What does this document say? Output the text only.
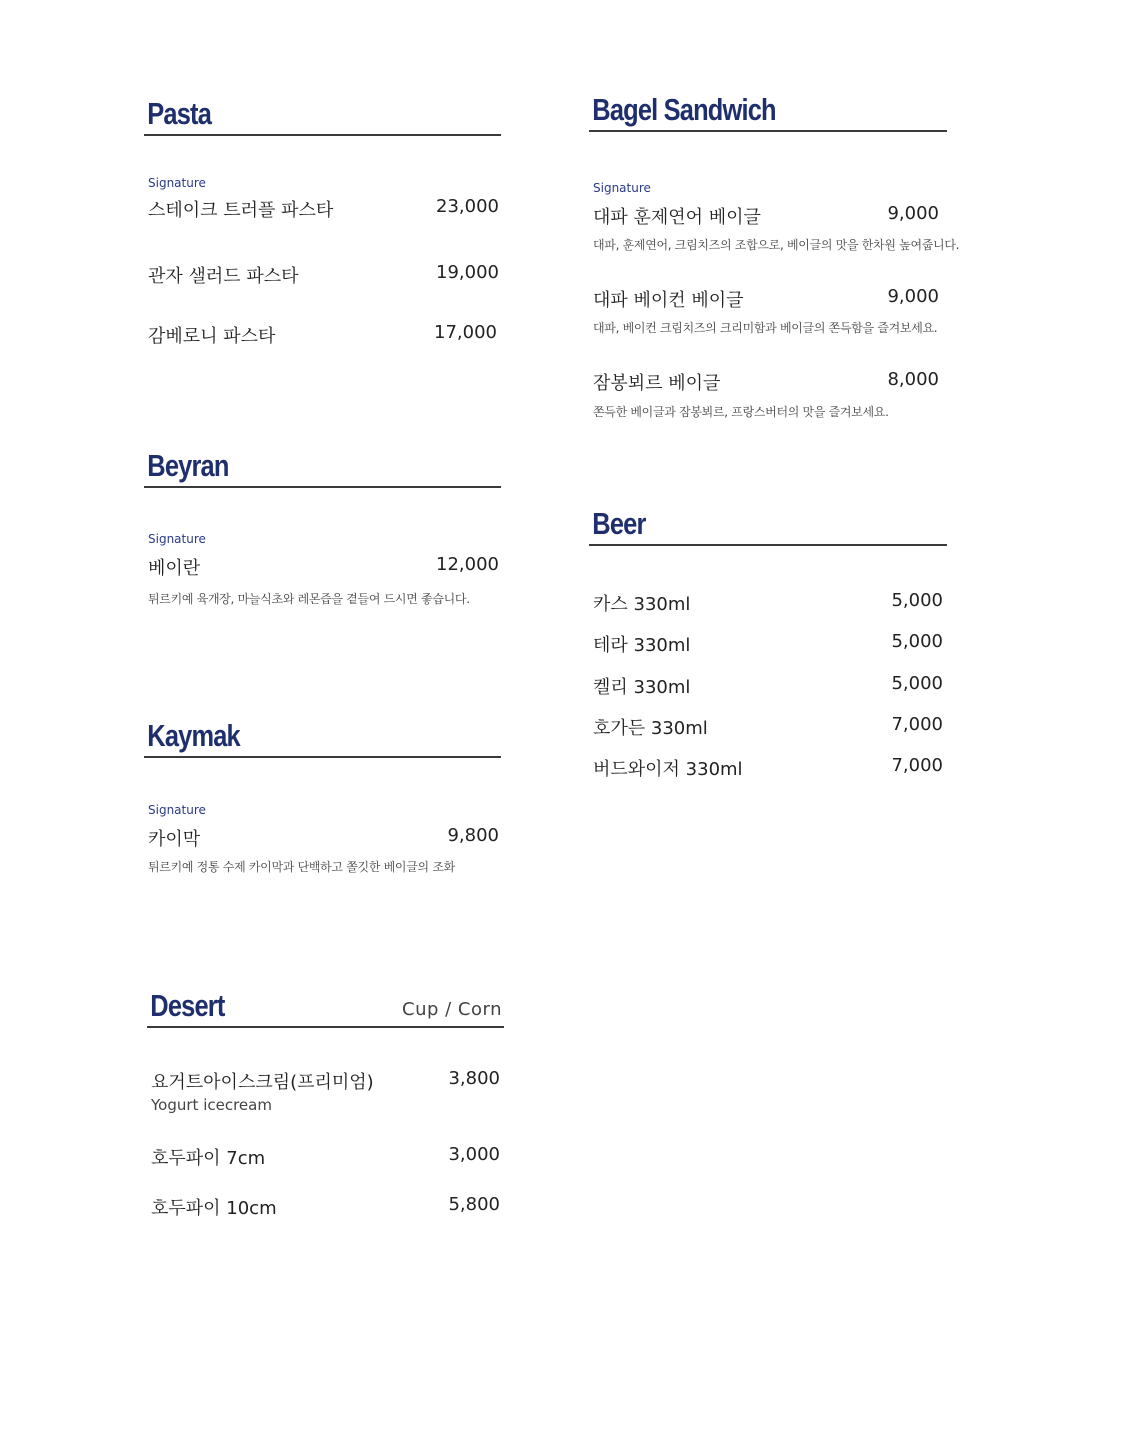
Pasta
Signature
스테이크 트러플 파스타	23,000
관자 샐러드 파스타	19,000
감베로니 파스타	17,000
Beyran
Signature
베이란	12,000
튀르키예 육개장, 마늘식초와 레몬즙을 곁들여 드시면 좋습니다.
Kaymak
Signature
카이막	9,800
튀르키예 정통 수제 카이막과 단백하고 쫄깃한 베이글의 조화
Desert	Cup / Corn
요거트아이스크림(프리미엄)	3,800
Yogurt icecream
호두파이 7cm	3,000
호두파이 10cm	5,800
Bagel Sandwich
Signature
대파 훈제연어 베이글	9,000
대파, 훈제연어, 크림치즈의 조합으로, 베이글의 맛을 한차원 높여줍니다.
대파 베이컨 베이글	9,000
대파, 베이컨 크림치즈의 크리미함과 베이글의 쫀득함을 즐겨보세요.
잠봉뵈르 베이글	8,000
쫀득한 베이글과 잠봉뵈르, 프랑스버터의 맛을 즐겨보세요.
Beer
카스 330ml	5,000
테라 330ml	5,000
켈리 330ml	5,000
호가든 330ml	7,000
버드와이저 330ml	7,000
